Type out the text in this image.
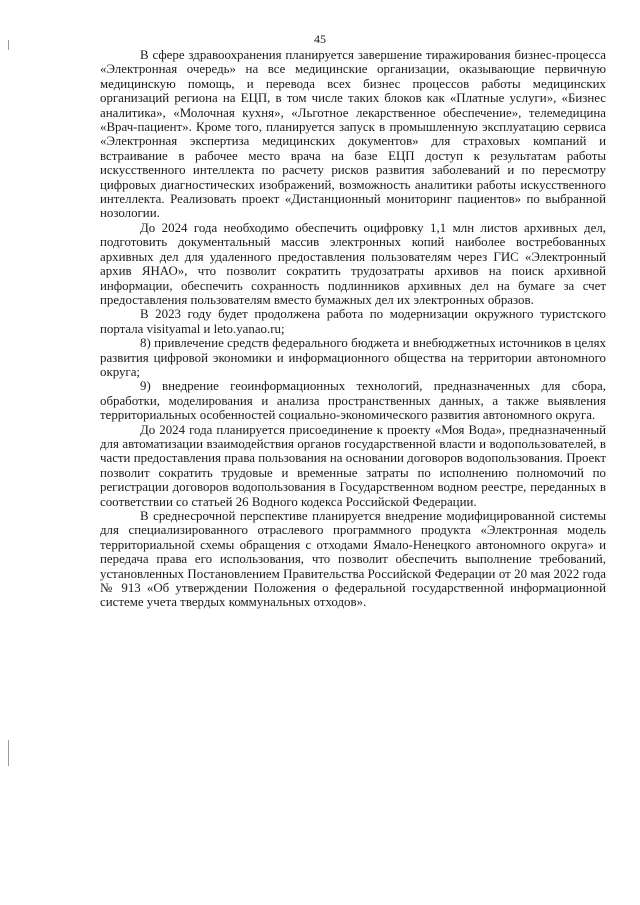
45

В сфере здравоохранения планируется завершение тиражирования бизнес-процесса «Электронная очередь» на все медицинские организации, оказывающие первичную медицинскую помощь, и перевода всех бизнес процессов работы медицинских организаций региона на ЕЦП, в том числе таких блоков как «Платные услуги», «Бизнес аналитика», «Молочная кухня», «Льготное лекарственное обеспечение», телемедицина «Врач-пациент». Кроме того, планируется запуск в промышленную эксплуатацию сервиса «Электронная экспертиза медицинских документов» для страховых компаний и встраивание в рабочее место врача на базе ЕЦП доступ к результатам работы искусственного интеллекта по расчету рисков развития заболеваний и по пересмотру цифровых диагностических изображений, возможность аналитики работы искусственного интеллекта. Реализовать проект «Дистанционный мониторинг пациентов» по выбранной нозологии.

До 2024 года необходимо обеспечить оцифровку 1,1 млн листов архивных дел, подготовить документальный массив электронных копий наиболее востребованных архивных дел для удаленного предоставления пользователям через ГИС «Электронный архив ЯНАО», что позволит сократить трудозатраты архивов на поиск архивной информации, обеспечить сохранность подлинников архивных дел на бумаге за счет предоставления пользователям вместо бумажных дел их электронных образов.

В 2023 году будет продолжена работа по модернизации окружного туристского портала visityamal и leto.yanao.ru;

8) привлечение средств федерального бюджета и внебюджетных источников в целях развития цифровой экономики и информационного общества на территории автономного округа;

9) внедрение геоинформационных технологий, предназначенных для сбора, обработки, моделирования и анализа пространственных данных, а также выявления территориальных особенностей социально-экономического развития автономного округа.

До 2024 года планируется присоединение к проекту «Моя Вода», предназначенный для автоматизации взаимодействия органов государственной власти и водопользователей, в части предоставления права пользования на основании договоров водопользования. Проект позволит сократить трудовые и временные затраты по исполнению полномочий по регистрации договоров водопользования в Государственном водном реестре, переданных в соответствии со статьей 26 Водного кодекса Российской Федерации.

В среднесрочной перспективе планируется внедрение модифицированной системы для специализированного отраслевого программного продукта «Электронная модель территориальной схемы обращения с отходами Ямало-Ненецкого автономного округа» и передача права его использования, что позволит обеспечить выполнение требований, установленных Постановлением Правительства Российской Федерации от 20 мая 2022 года № 913 «Об утверждении Положения о федеральной государственной информационной системе учета твердых коммунальных отходов».
